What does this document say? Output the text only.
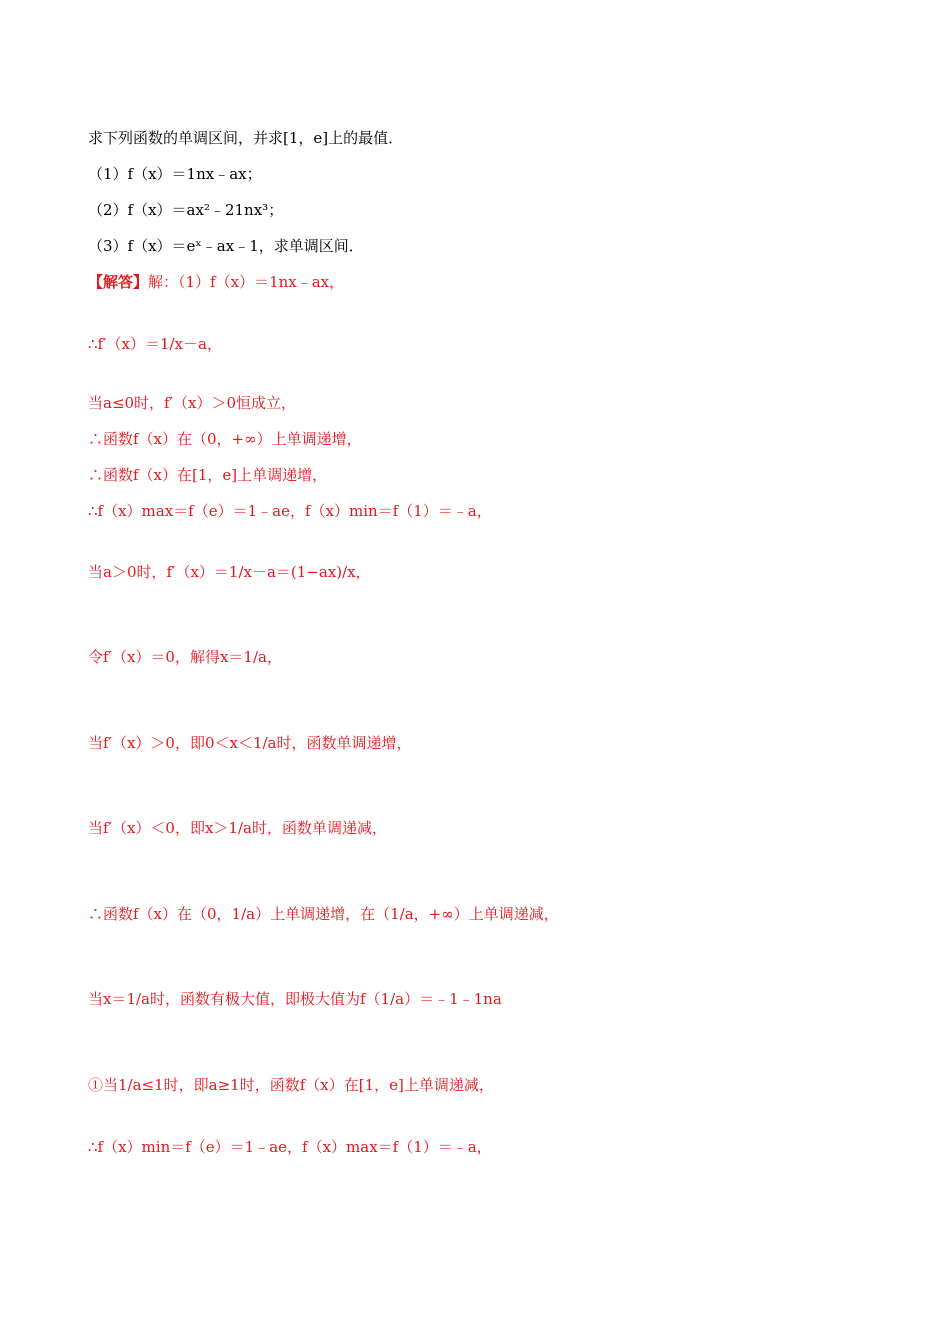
求下列函数的单调区间，并求[1，e]上的最值．
（1）f（x）＝1nx﹣ax；
（2）f（x）＝ax²﹣21nx³；
（3）f（x）＝eˣ﹣ax﹣1，求单调区间．
【解答】解：（1）f（x）＝1nx﹣ax，
∴f′（x）＝1/x－a，
当a≤0时，f′（x）＞0恒成立，
∴函数f（x）在（0，+∞）上单调递增，
∴函数f（x）在[1，e]上单调递增，
∴f（x）max＝f（e）＝1﹣ae，f（x）min＝f（1）＝﹣a，
当a＞0时，f′（x）＝1/x－a＝(1−ax)/x，
令f′（x）＝0，解得x＝1/a，
当f′（x）＞0，即0＜x＜1/a时，函数单调递增，
当f′（x）＜0，即x＞1/a时，函数单调递减，
∴函数f（x）在（0，1/a）上单调递增，在（1/a，+∞）上单调递减，
当x＝1/a时，函数有极大值，即极大值为f（1/a）＝﹣1﹣1na
①当1/a≤1时，即a≥1时，函数f（x）在[1，e]上单调递减，
∴f（x）min＝f（e）＝1﹣ae，f（x）max＝f（1）＝﹣a，
